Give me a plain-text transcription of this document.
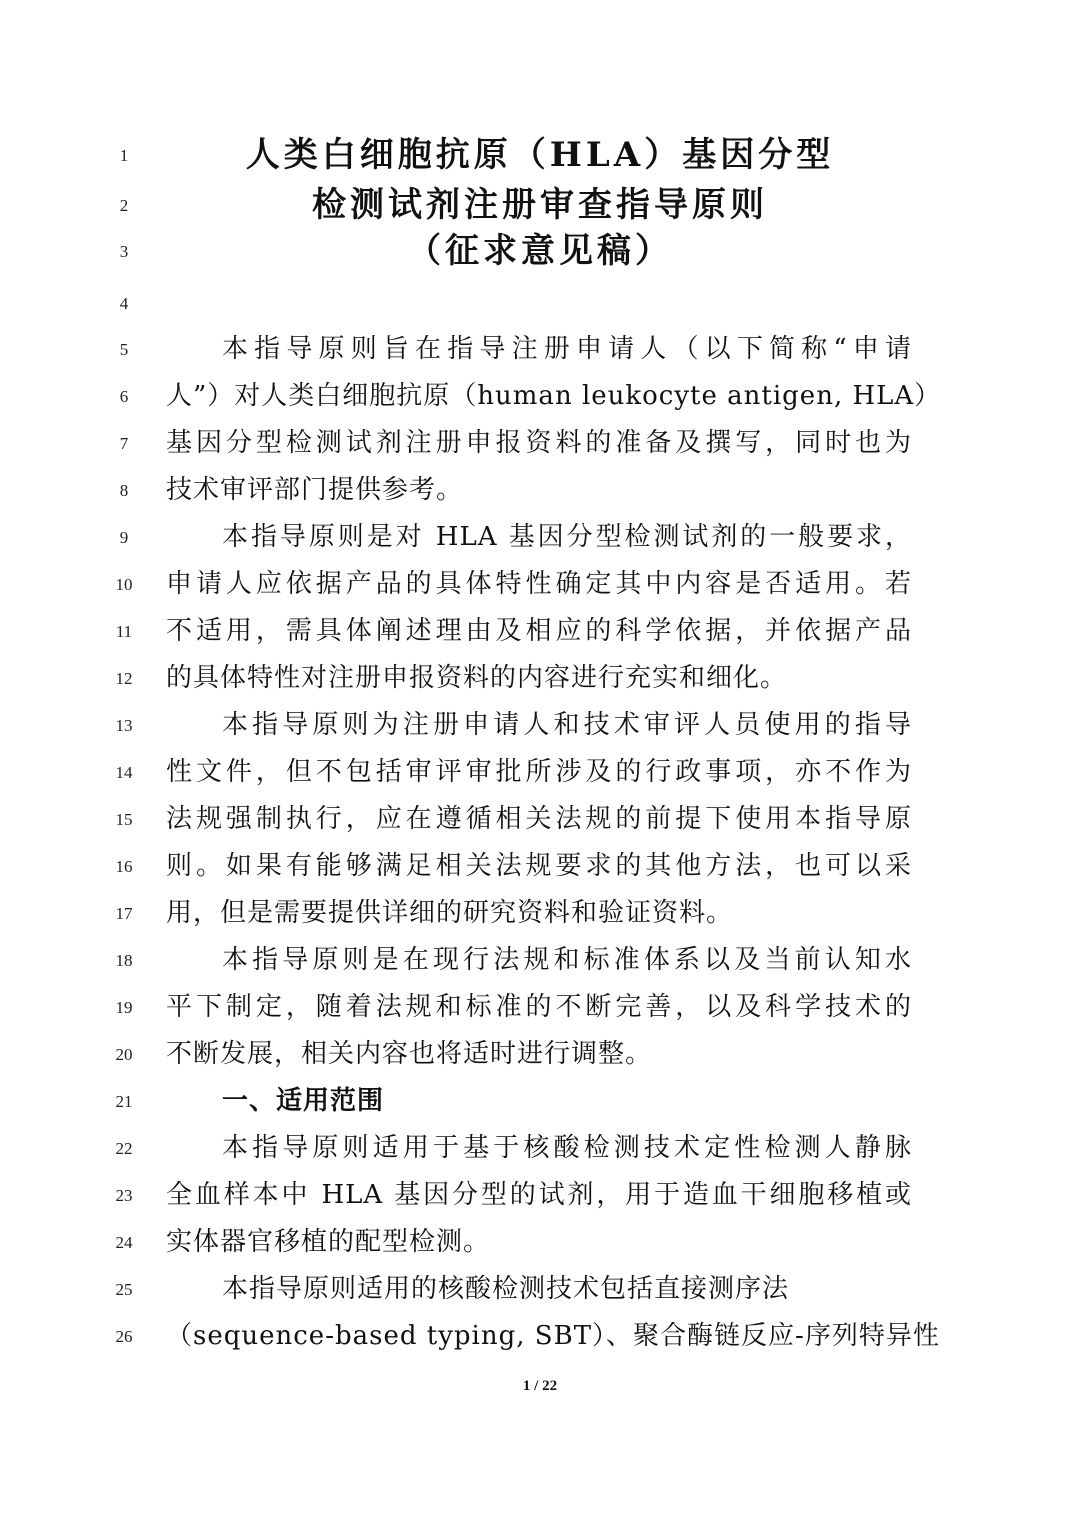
1	人类白细胞抗原（HLA）基因分型
2	检测试剂注册审查指导原则
3	（征求意见稿）
4
5	本指导原则旨在指导注册申请人（以下简称“申请
6	人”）对人类白细胞抗原（human leukocyte antigen, HLA）
7	基因分型检测试剂注册申报资料的准备及撰写，同时也为
8	技术审评部门提供参考。
9	本指导原则是对 HLA 基因分型检测试剂的一般要求，
10	申请人应依据产品的具体特性确定其中内容是否适用。若
11	不适用，需具体阐述理由及相应的科学依据，并依据产品
12	的具体特性对注册申报资料的内容进行充实和细化。
13	本指导原则为注册申请人和技术审评人员使用的指导
14	性文件，但不包括审评审批所涉及的行政事项，亦不作为
15	法规强制执行，应在遵循相关法规的前提下使用本指导原
16	则。如果有能够满足相关法规要求的其他方法，也可以采
17	用，但是需要提供详细的研究资料和验证资料。
18	本指导原则是在现行法规和标准体系以及当前认知水
19	平下制定，随着法规和标准的不断完善，以及科学技术的
20	不断发展，相关内容也将适时进行调整。
21	一、适用范围
22	本指导原则适用于基于核酸检测技术定性检测人静脉
23	全血样本中 HLA 基因分型的试剂，用于造血干细胞移植或
24	实体器官移植的配型检测。
25	本指导原则适用的核酸检测技术包括直接测序法
26	（sequence-based typing, SBT）、聚合酶链反应-序列特异性
1 / 22
